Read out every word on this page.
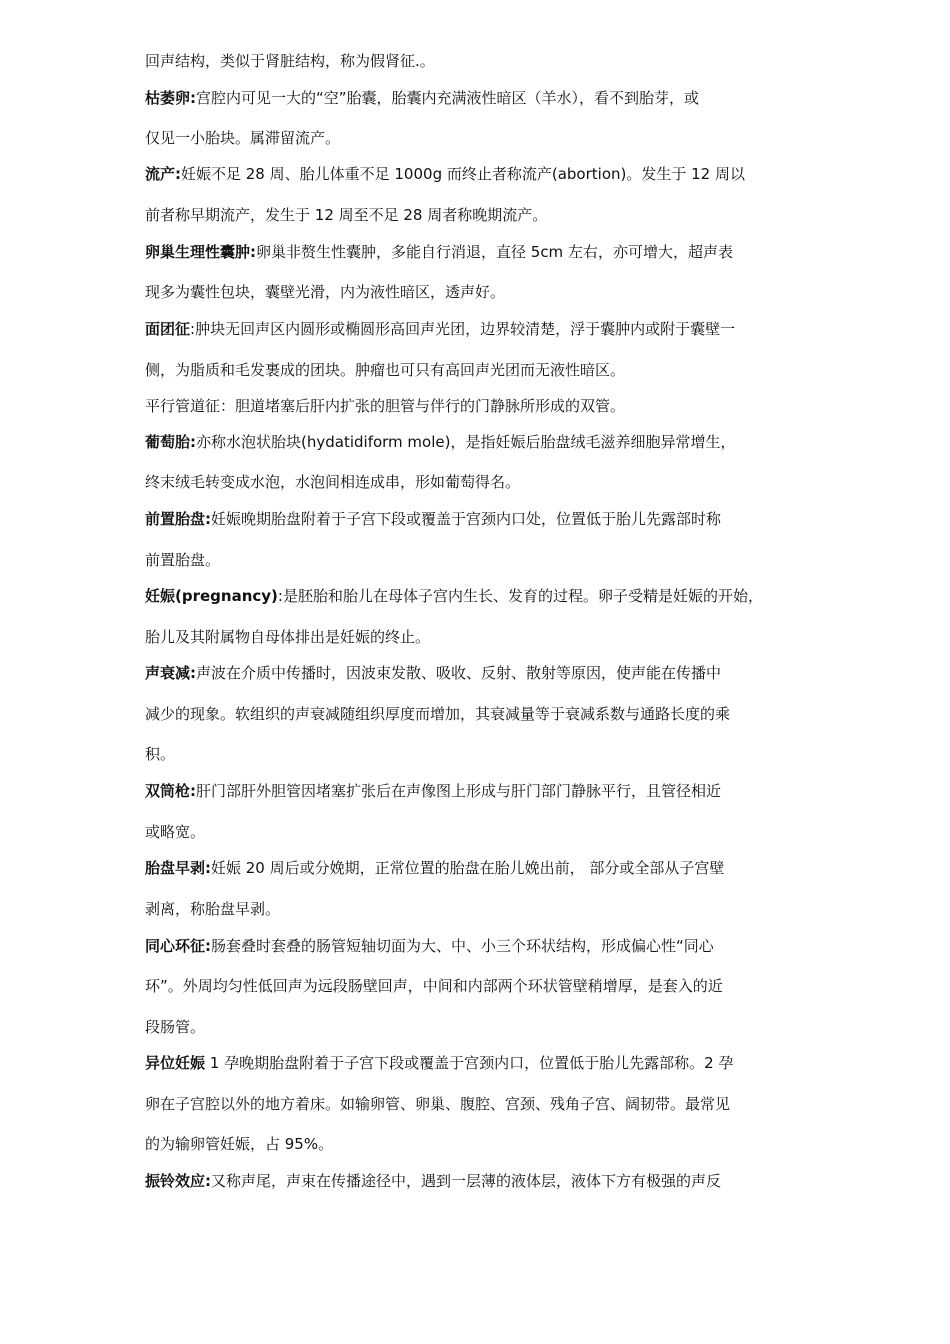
回声结构，类似于肾脏结构，称为假肾征.。
枯萎卵:宫腔内可见一大的“空”胎囊，胎囊内充满液性暗区（羊水），看不到胎芽，或
仅见一小胎块。属滞留流产。
流产:妊娠不足 28 周、胎儿体重不足 1000g 而终止者称流产(abortion)。发生于 12 周以
前者称早期流产，发生于 12 周至不足 28 周者称晚期流产。
卵巢生理性囊肿:卵巢非赘生性囊肿，多能自行消退，直径 5cm 左右，亦可增大，超声表
现多为囊性包块，囊壁光滑，内为液性暗区，透声好。
面团征:肿块无回声区内圆形或椭圆形高回声光团，边界较清楚，浮于囊肿内或附于囊壁一
侧，为脂质和毛发裹成的团块。肿瘤也可只有高回声光团而无液性暗区。
平行管道征：胆道堵塞后肝内扩张的胆管与伴行的门静脉所形成的双管。
葡萄胎:亦称水泡状胎块(hydatidiform mole)，是指妊娠后胎盘绒毛滋养细胞异常增生，
终末绒毛转变成水泡，水泡间相连成串，形如葡萄得名。
前置胎盘:妊娠晚期胎盘附着于子宫下段或覆盖于宫颈内口处，位置低于胎儿先露部时称
前置胎盘。
妊娠(pregnancy):是胚胎和胎儿在母体子宫内生长、发育的过程。卵子受精是妊娠的开始，
胎儿及其附属物自母体排出是妊娠的终止。
声衰减:声波在介质中传播时，因波束发散、吸收、反射、散射等原因，使声能在传播中
减少的现象。软组织的声衰减随组织厚度而增加，其衰减量等于衰减系数与通路长度的乘
积。
双筒枪:肝门部肝外胆管因堵塞扩张后在声像图上形成与肝门部门静脉平行，且管径相近
或略宽。
胎盘早剥:妊娠 20 周后或分娩期，正常位置的胎盘在胎儿娩出前， 部分或全部从子宫壁
剥离，称胎盘早剥。
同心环征:肠套叠时套叠的肠管短轴切面为大、中、小三个环状结构，形成偏心性“同心
环”。外周均匀性低回声为远段肠壁回声，中间和内部两个环状管壁稍增厚，是套入的近
段肠管。
异位妊娠 1 孕晚期胎盘附着于子宫下段或覆盖于宫颈内口，位置低于胎儿先露部称。2 孕
卵在子宫腔以外的地方着床。如输卵管、卵巢、腹腔、宫颈、残角子宫、阔韧带。最常见
的为输卵管妊娠，占 95%。
振铃效应:又称声尾，声束在传播途径中，遇到一层薄的液体层，液体下方有极强的声反
